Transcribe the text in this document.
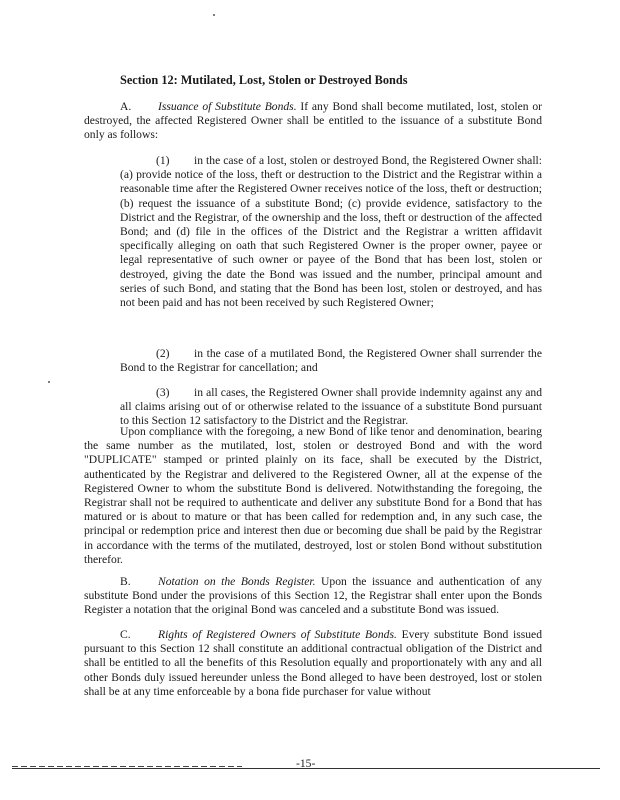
Section 12: Mutilated, Lost, Stolen or Destroyed Bonds
A. Issuance of Substitute Bonds. If any Bond shall become mutilated, lost, stolen or destroyed, the affected Registered Owner shall be entitled to the issuance of a substitute Bond only as follows:
(1) in the case of a lost, stolen or destroyed Bond, the Registered Owner shall: (a) provide notice of the loss, theft or destruction to the District and the Registrar within a reasonable time after the Registered Owner receives notice of the loss, theft or destruction; (b) request the issuance of a substitute Bond; (c) provide evidence, satisfactory to the District and the Registrar, of the ownership and the loss, theft or destruction of the affected Bond; and (d) file in the offices of the District and the Registrar a written affidavit specifically alleging on oath that such Registered Owner is the proper owner, payee or legal representative of such owner or payee of the Bond that has been lost, stolen or destroyed, giving the date the Bond was issued and the number, principal amount and series of such Bond, and stating that the Bond has been lost, stolen or destroyed, and has not been paid and has not been received by such Registered Owner;
(2) in the case of a mutilated Bond, the Registered Owner shall surrender the Bond to the Registrar for cancellation; and
(3) in all cases, the Registered Owner shall provide indemnity against any and all claims arising out of or otherwise related to the issuance of a substitute Bond pursuant to this Section 12 satisfactory to the District and the Registrar.
Upon compliance with the foregoing, a new Bond of like tenor and denomination, bearing the same number as the mutilated, lost, stolen or destroyed Bond and with the word "DUPLICATE" stamped or printed plainly on its face, shall be executed by the District, authenticated by the Registrar and delivered to the Registered Owner, all at the expense of the Registered Owner to whom the substitute Bond is delivered. Notwithstanding the foregoing, the Registrar shall not be required to authenticate and deliver any substitute Bond for a Bond that has matured or is about to mature or that has been called for redemption and, in any such case, the principal or redemption price and interest then due or becoming due shall be paid by the Registrar in accordance with the terms of the mutilated, destroyed, lost or stolen Bond without substitution therefor.
B. Notation on the Bonds Register. Upon the issuance and authentication of any substitute Bond under the provisions of this Section 12, the Registrar shall enter upon the Bonds Register a notation that the original Bond was canceled and a substitute Bond was issued.
C. Rights of Registered Owners of Substitute Bonds. Every substitute Bond issued pursuant to this Section 12 shall constitute an additional contractual obligation of the District and shall be entitled to all the benefits of this Resolution equally and proportionately with any and all other Bonds duly issued hereunder unless the Bond alleged to have been destroyed, lost or stolen shall be at any time enforceable by a bona fide purchaser for value without
-15-
